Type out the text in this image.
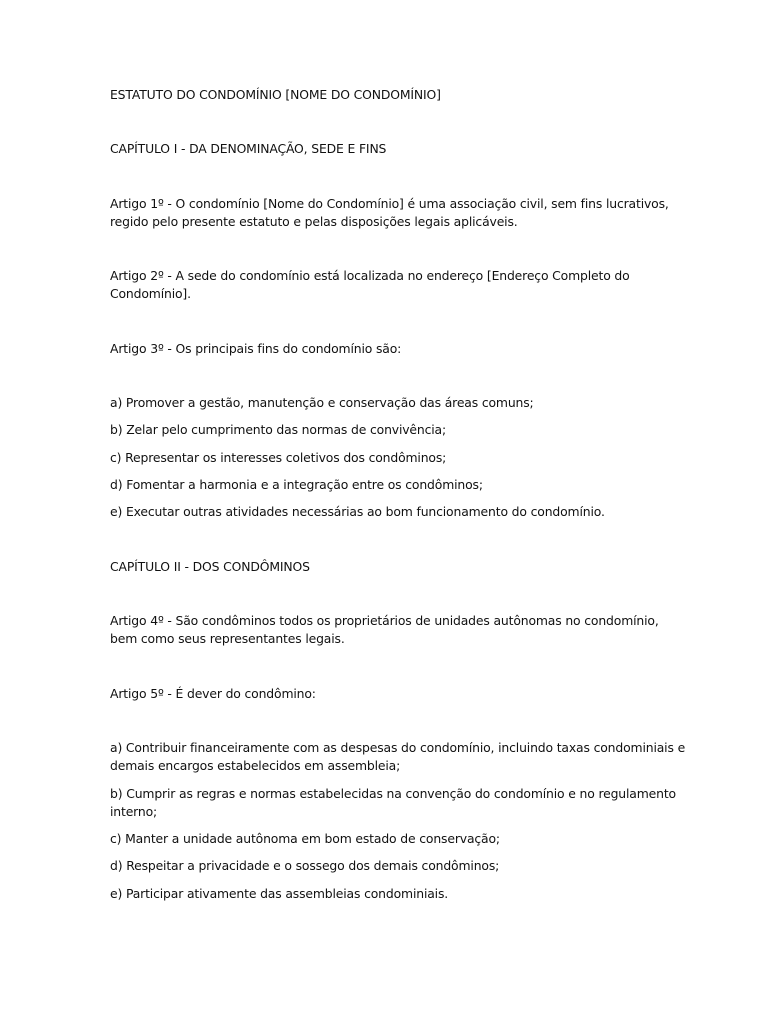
ESTATUTO DO CONDOMÍNIO [NOME DO CONDOMÍNIO]
CAPÍTULO I - DA DENOMINAÇÃO, SEDE E FINS
Artigo 1º - O condomínio [Nome do Condomínio] é uma associação civil, sem fins lucrativos,
regido pelo presente estatuto e pelas disposições legais aplicáveis.
Artigo 2º - A sede do condomínio está localizada no endereço [Endereço Completo do
Condomínio].
Artigo 3º - Os principais fins do condomínio são:
a) Promover a gestão, manutenção e conservação das áreas comuns;
b) Zelar pelo cumprimento das normas de convivência;
c) Representar os interesses coletivos dos condôminos;
d) Fomentar a harmonia e a integração entre os condôminos;
e) Executar outras atividades necessárias ao bom funcionamento do condomínio.
CAPÍTULO II - DOS CONDÔMINOS
Artigo 4º - São condôminos todos os proprietários de unidades autônomas no condomínio,
bem como seus representantes legais.
Artigo 5º - É dever do condômino:
a) Contribuir financeiramente com as despesas do condomínio, incluindo taxas condominiais e
demais encargos estabelecidos em assembleia;
b) Cumprir as regras e normas estabelecidas na convenção do condomínio e no regulamento
interno;
c) Manter a unidade autônoma em bom estado de conservação;
d) Respeitar a privacidade e o sossego dos demais condôminos;
e) Participar ativamente das assembleias condominiais.
